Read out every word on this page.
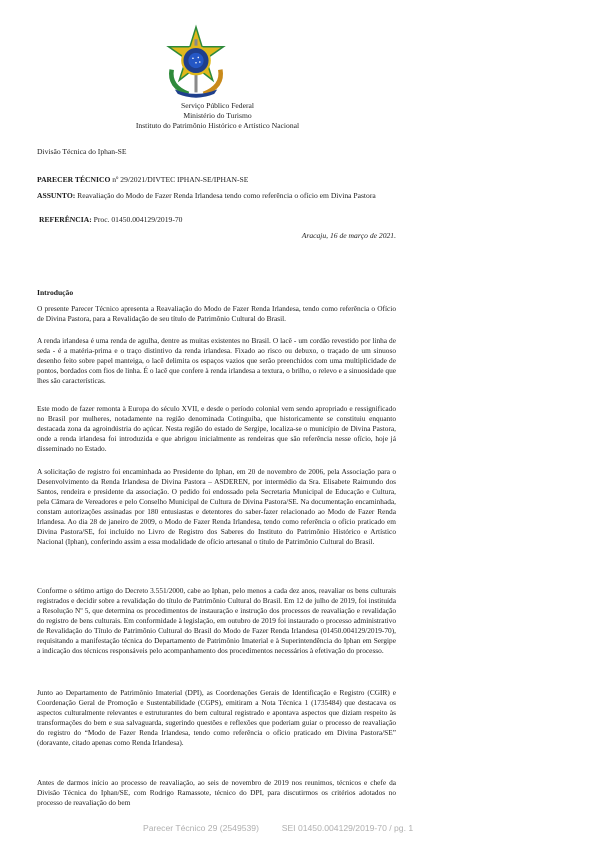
Serviço Público Federal
Ministério do Turismo
Instituto do Patrimônio Histórico e Artístico Nacional
Divisão Técnica do Iphan-SE
PARECER TÉCNICO nº 29/2021/DIVTEC IPHAN-SE/IPHAN-SE
ASSUNTO: Reavaliação do Modo de Fazer Renda Irlandesa tendo como referência o ofício em Divina Pastora
REFERÊNCIA: Proc. 01450.004129/2019-70
Aracaju, 16 de março de 2021.
Introdução

O presente Parecer Técnico apresenta a Reavaliação do Modo de Fazer Renda Irlandesa, tendo como referência o Ofício de Divina Pastora, para a Revalidação de seu título de Patrimônio Cultural do Brasil.

A renda irlandesa é uma renda de agulha, dentre as muitas existentes no Brasil. O lacê - um cordão revestido por linha de seda - é a matéria-prima e o traço distintivo da renda irlandesa. Fixado ao risco ou debuxo, o traçado de um sinuoso desenho feito sobre papel manteiga, o lacê delimita os espaços vazios que serão preenchidos com uma multiplicidade de pontos, bordados com fios de linha. É o lacê que confere à renda irlandesa a textura, o brilho, o relevo e a sinuosidade que lhes são características.

Este modo de fazer remonta à Europa do século XVII, e desde o período colonial vem sendo apropriado e ressignificado no Brasil por mulheres, notadamente na região denominada Cotinguiba, que historicamente se constituiu enquanto destacada zona da agroindústria do açúcar. Nesta região do estado de Sergipe, localiza-se o município de Divina Pastora, onde a renda irlandesa foi introduzida e que abrigou inicialmente as rendeiras que são referência nesse ofício, hoje já disseminado no Estado.

A solicitação de registro foi encaminhada ao Presidente do Iphan, em 20 de novembro de 2006, pela Associação para o Desenvolvimento da Renda Irlandesa de Divina Pastora – ASDEREN, por intermédio da Sra. Elisabete Raimundo dos Santos, rendeira e presidente da associação. O pedido foi endossado pela Secretaria Municipal de Educação e Cultura, pela Câmara de Vereadores e pelo Conselho Municipal de Cultura de Divina Pastora/SE. Na documentação encaminhada, constam autorizações assinadas por 180 entusiastas e detentores do saber-fazer relacionado ao Modo de Fazer Renda Irlandesa. Ao dia 28 de janeiro de 2009, o Modo de Fazer Renda Irlandesa, tendo como referência o ofício praticado em Divina Pastora/SE, foi incluído no Livro de Registro dos Saberes do Instituto do Patrimônio Histórico e Artístico Nacional (Iphan), conferindo assim a essa modalidade de ofício artesanal o título de Patrimônio Cultural do Brasil.

Conforme o sétimo artigo do Decreto 3.551/2000, cabe ao Iphan, pelo menos a cada dez anos, reavaliar os bens culturais registrados e decidir sobre a revalidação do título de Patrimônio Cultural do Brasil. Em 12 de julho de 2019, foi instituída a Resolução Nº 5, que determina os procedimentos de instauração e instrução dos processos de reavaliação e revalidação do registro de bens culturais. Em conformidade à legislação, em outubro de 2019 foi instaurado o processo administrativo de Revalidação do Título de Patrimônio Cultural do Brasil do Modo de Fazer Renda Irlandesa (01450.004129/2019-70), requisitando a manifestação técnica do Departamento de Patrimônio Imaterial e à Superintendência do Iphan em Sergipe a indicação dos técnicos responsáveis pelo acompanhamento dos procedimentos necessários à efetivação do processo.

Junto ao Departamento de Patrimônio Imaterial (DPI), as Coordenações Gerais de Identificação e Registro (CGIR) e Coordenação Geral de Promoção e Sustentabilidade (CGPS), emitiram a Nota Técnica 1 (1735484) que destacava os aspectos culturalmente relevantes e estruturantes do bem cultural registrado e apontava aspectos que diziam respeito às transformações do bem e sua salvaguarda, sugerindo questões e reflexões que poderiam guiar o processo de reavaliação do registro do “Modo de Fazer Renda Irlandesa, tendo como referência o ofício praticado em Divina Pastora/SE” (doravante, citado apenas como Renda Irlandesa).

Antes de darmos início ao processo de reavaliação, ao seis de novembro de 2019 nos reunimos, técnicos e chefe da Divisão Técnica do Iphan/SE, com Rodrigo Ramassote, técnico do DPI, para discutirmos os critérios adotados no processo de reavaliação do bem

Parecer Técnico 29 (2549539)	SEI 01450.004129/2019-70 / pg. 1
